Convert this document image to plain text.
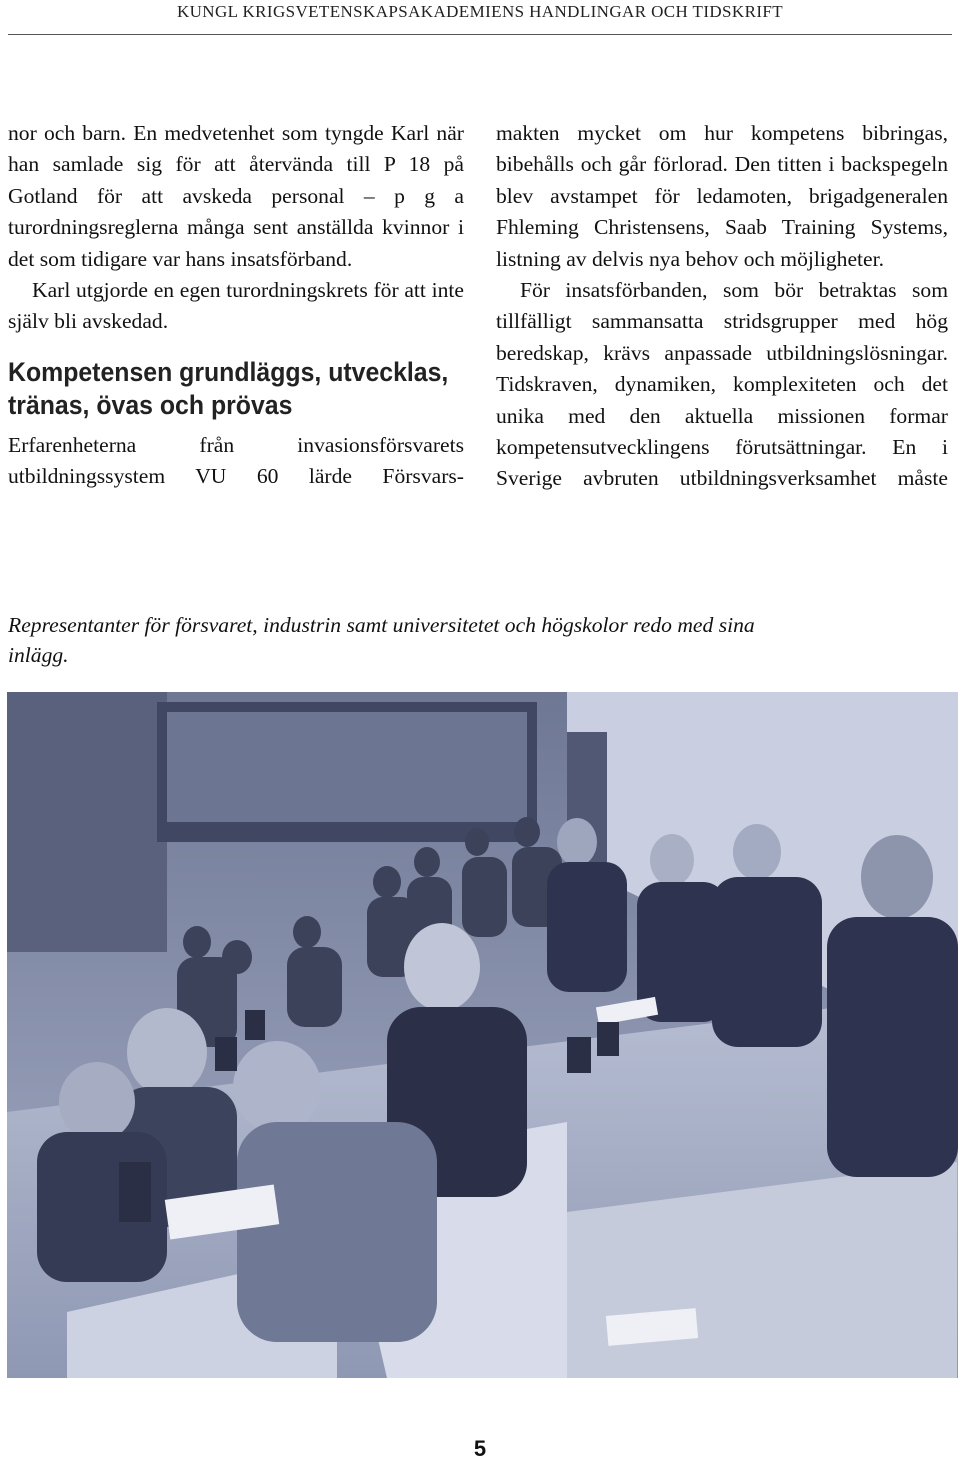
KUNGL KRIGSVETENSKAPSAKADEMIENS HANDLINGAR OCH TIDSKRIFT

nor och barn. En medvetenhet som tyngde Karl när han samlade sig för att återvända till P 18 på Gotland för att avskeda personal – p g a turordningsreglerna många sent anställda kvinnor i det som tidigare var hans insatsförband.

Karl utgjorde en egen turordningskrets för att inte själv bli avskedad.

Kompetensen grundläggs, utvecklas, tränas, övas och prövas

Erfarenheterna från invasionsförsvarets utbildningssystem VU 60 lärde Försvars-

makten mycket om hur kompetens bibringas, bibehålls och går förlorad. Den titten i backspegeln blev avstampet för ledamoten, brigadgeneralen Fhleming Christensens, Saab Training Systems, listning av delvis nya behov och möjligheter.

För insatsförbanden, som bör betraktas som tillfälligt sammansatta stridsgrupper med hög beredskap, krävs anpassade utbildningslösningar. Tidskraven, dynamiken, komplexiteten och det unika med den aktuella missionen formar kompetensutvecklingens förutsättningar. En i Sverige avbruten utbildningsverksamhet måste

Representanter för försvaret, industrin samt universitetet och högskolor redo med sina inlägg.
5
